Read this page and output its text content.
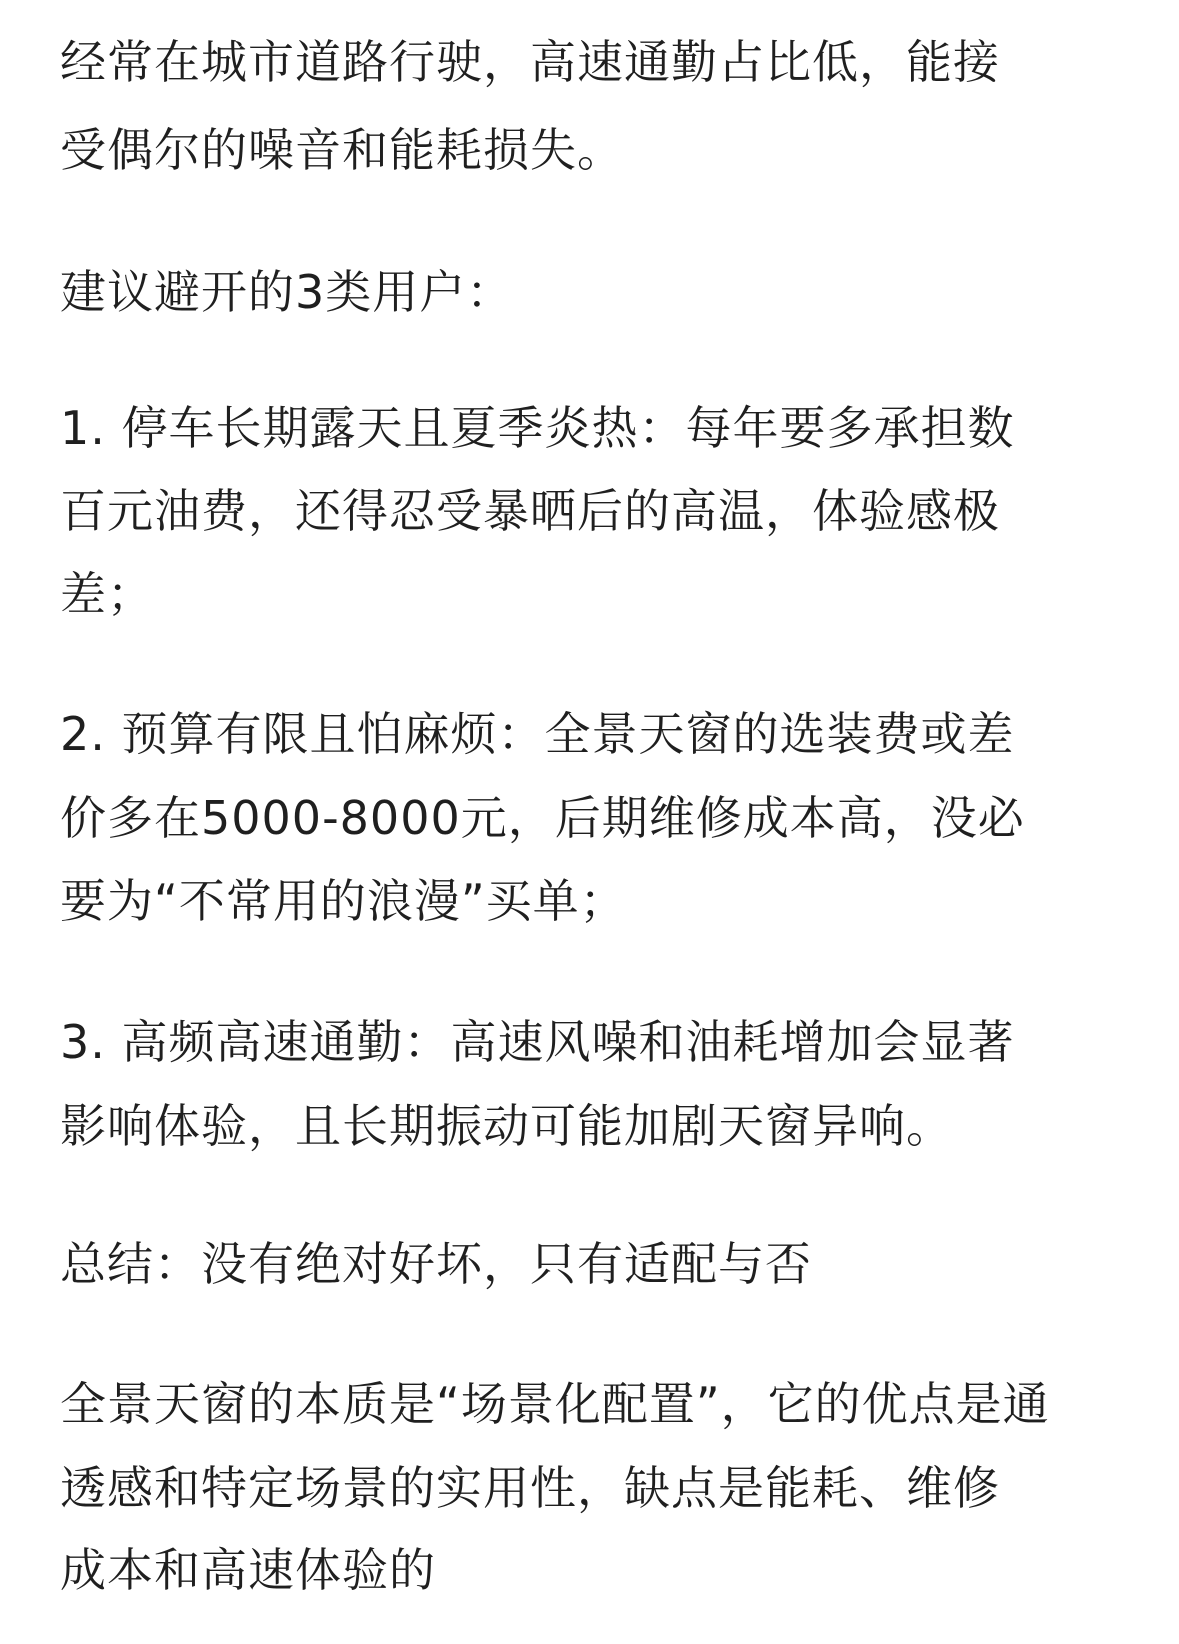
经常在城市道路行驶，高速通勤占比低，能接
受偶尔的噪音和能耗损失。
建议避开的3类用户：
1. 停车长期露天且夏季炎热：每年要多承担数
百元油费，还得忍受暴晒后的高温，体验感极
差；
2. 预算有限且怕麻烦：全景天窗的选装费或差
价多在5000-8000元，后期维修成本高，没必
要为“不常用的浪漫”买单；
3. 高频高速通勤：高速风噪和油耗增加会显著
影响体验，且长期振动可能加剧天窗异响。
总结：没有绝对好坏，只有适配与否
全景天窗的本质是“场景化配置”，它的优点是通
透感和特定场景的实用性，缺点是能耗、维修
成本和高速体验的
